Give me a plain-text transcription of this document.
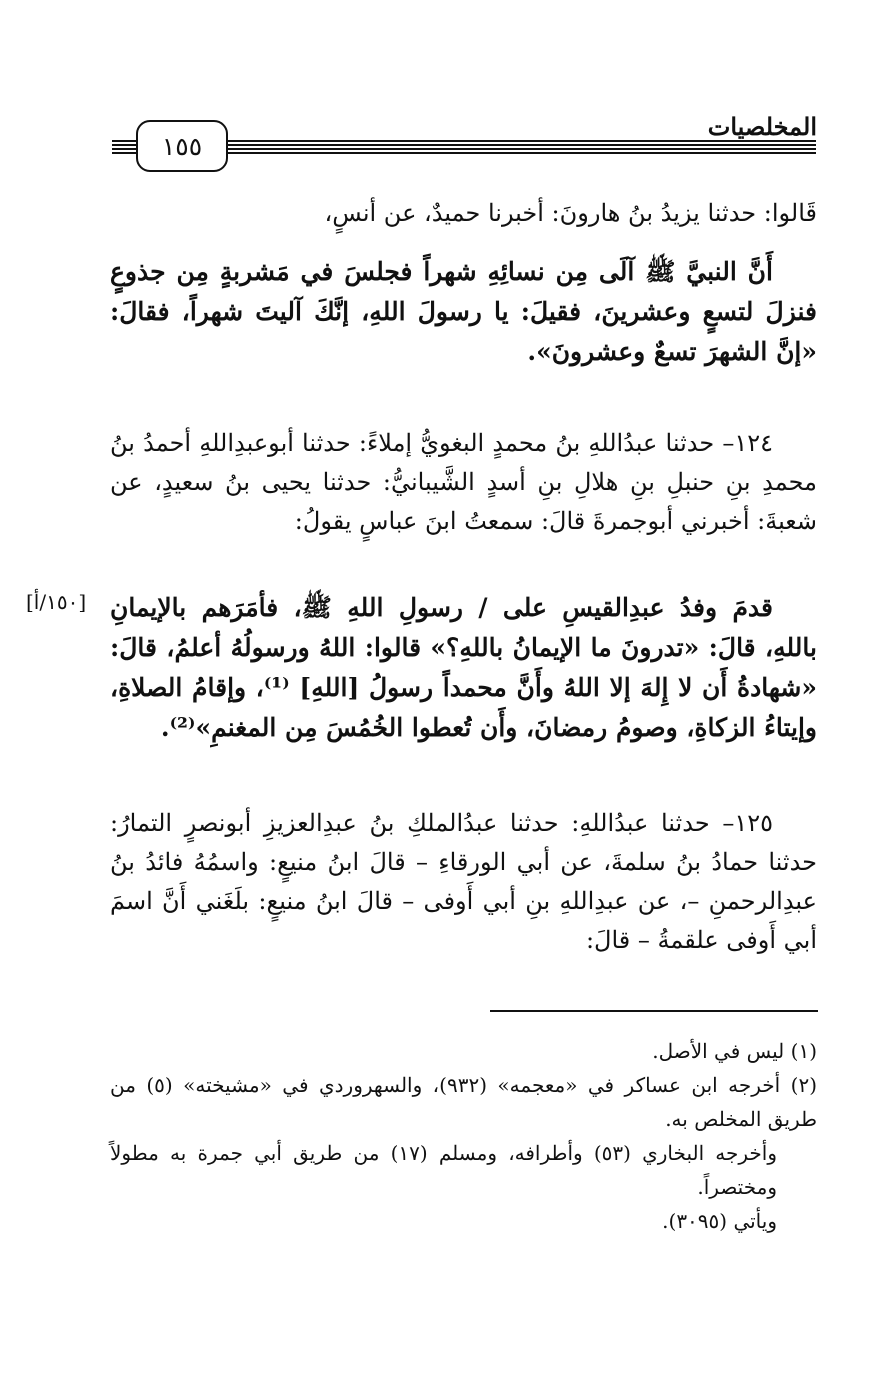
١٥٥
المخلصيات

قَالوا: حدثنا يزيدُ بنُ هارونَ: أخبرنا حميدٌ، عن أنسٍ،

أَنَّ النبيَّ ﷺ آلَى مِن نسائِهِ شهراً فجلسَ في مَشربةٍ مِن جذوعٍ فنزلَ لتسعٍ وعشرينَ، فقيلَ: يا رسولَ اللهِ، إنَّكَ آليتَ شهراً، فقالَ: «إنَّ الشهرَ تسعٌ وعشرونَ».

١٢٤– حدثنا عبدُاللهِ بنُ محمدٍ البغويُّ إملاءً: حدثنا أبوعبدِاللهِ أحمدُ بنُ محمدِ بنِ حنبلِ بنِ هلالِ بنِ أسدٍ الشَّيبانيُّ: حدثنا يحيى بنُ سعيدٍ، عن شعبةَ: أخبرني أبوجمرةَ قالَ: سمعتُ ابنَ عباسٍ يقولُ:

[١٥٠/أ] قدمَ وفدُ عبدِالقيسِ على / رسولِ اللهِ ﷺ، فأمَرَهم بالإيمانِ باللهِ، قالَ: «تدرونَ ما الإيمانُ باللهِ؟» قالوا: اللهُ ورسولُهُ أعلمُ، قالَ: «شهادةُ أَن لا إِلهَ إلا اللهُ وأَنَّ محمداً رسولُ [اللهِ] ⁽¹⁾، وإقامُ الصلاةِ، وإيتاءُ الزكاةِ، وصومُ رمضانَ، وأَن تُعطوا الخُمُسَ مِن المغنمِ»⁽²⁾.

١٢٥– حدثنا عبدُاللهِ: حدثنا عبدُالملكِ بنُ عبدِالعزيزِ أبونصرٍ التمارُ: حدثنا حمادُ بنُ سلمةَ، عن أبي الورقاءِ – قالَ ابنُ منيعٍ: واسمُهُ فائدُ بنُ عبدِالرحمنِ –، عن عبدِاللهِ بنِ أبي أَوفى – قالَ ابنُ منيعٍ: بلَغَني أَنَّ اسمَ أبي أَوفى علقمةُ – قالَ:

(١) ليس في الأصل.

(٢) أخرجه ابن عساكر في «معجمه» (٩٣٢)، والسهروردي في «مشيخته» (٥) من طريق المخلص به.

وأخرجه البخاري (٥٣) وأطرافه، ومسلم (١٧) من طريق أبي جمرة به مطولاً ومختصراً.

ويأتي (٣٠٩٥).
